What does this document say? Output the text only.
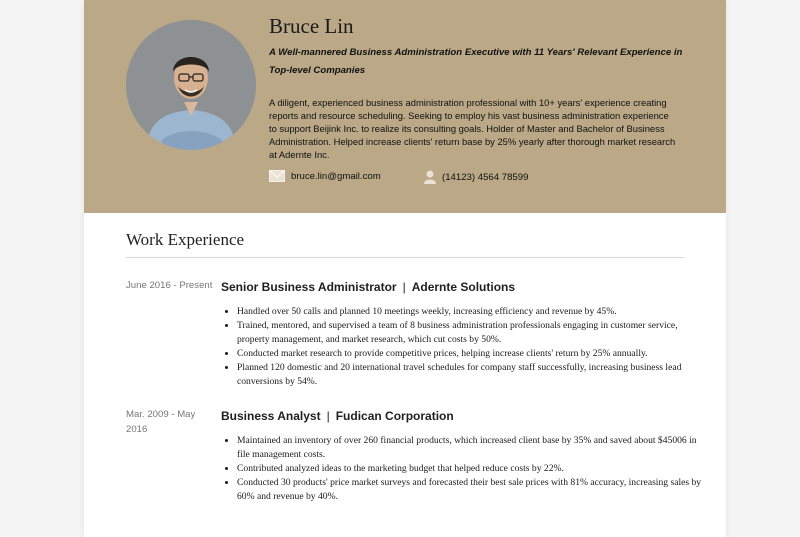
Bruce Lin
A Well-mannered Business Administration Executive with 11 Years' Relevant Experience in Top-level Companies
A diligent, experienced business administration professional with 10+ years' experience creating reports and resource scheduling. Seeking to employ his vast business administration experience to support Beijink Inc. to realize its consulting goals. Holder of Master and Bachelor of Business Administration. Helped increase clients' return base by 25% yearly after thorough market research at Adernte Inc.
bruce.lin@gmail.com	(14123) 4564 78599
Work Experience
June 2016 - Present Senior Business Administrator | Adernte Solutions
• Handled over 50 calls and planned 10 meetings weekly, increasing efficiency and revenue by 45%.
• Trained, mentored, and supervised a team of 8 business administration professionals engaging in customer service, property management, and market research, which cut costs by 50%.
• Conducted market research to provide competitive prices, helping increase clients' return by 25% annually.
• Planned 120 domestic and 20 international travel schedules for company staff successfully, increasing business lead conversions by 54%.
Mar. 2009 - May 2016
Business Analyst | Fudican Corporation
• Maintained an inventory of over 260 financial products, which increased client base by 35% and saved about $45006 in file management costs.
• Contributed analyzed ideas to the marketing budget that helped reduce costs by 22%.
• Conducted 30 products' price market surveys and forecasted their best sale prices with 81% accuracy, increasing sales by 60% and revenue by 40%.
